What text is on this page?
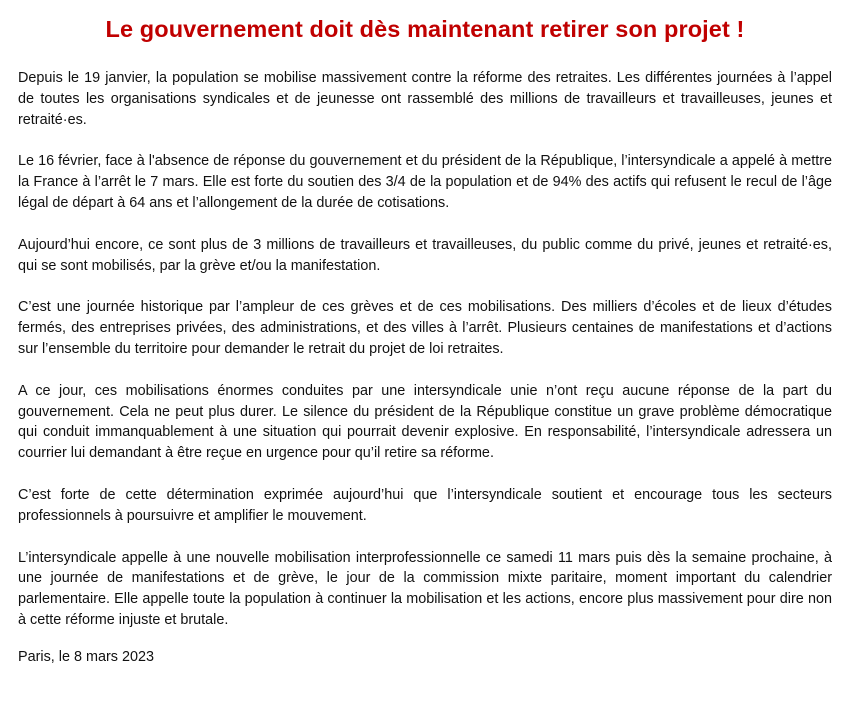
Le gouvernement doit dès maintenant retirer son projet !

Depuis le 19 janvier, la population se mobilise massivement contre la réforme des retraites. Les différentes journées à l’appel de toutes les organisations syndicales et de jeunesse ont rassemblé des millions de travailleurs et travailleuses, jeunes et retraité·es.

Le 16 février, face à l'absence de réponse du gouvernement et du président de la République, l’intersyndicale a appelé à mettre la France à l’arrêt le 7 mars. Elle est forte du soutien des 3/4 de la population et de 94% des actifs qui refusent le recul de l’âge légal de départ à 64 ans et l’allongement de la durée de cotisations.

Aujourd’hui encore, ce sont plus de 3 millions de travailleurs et travailleuses, du public comme du privé, jeunes et retraité·es, qui se sont mobilisés, par la grève et/ou la manifestation.

C’est une journée historique par l’ampleur de ces grèves et de ces mobilisations. Des milliers d’écoles et de lieux d’études fermés, des entreprises privées, des administrations, et des villes à l’arrêt. Plusieurs centaines de manifestations et d’actions sur l’ensemble du territoire pour demander le retrait du projet de loi retraites.

A ce jour, ces mobilisations énormes conduites par une intersyndicale unie n’ont reçu aucune réponse de la part du gouvernement. Cela ne peut plus durer. Le silence du président de la République constitue un grave problème démocratique qui conduit immanquablement à une situation qui pourrait devenir explosive. En responsabilité, l’intersyndicale adressera un courrier lui demandant à être reçue en urgence pour qu’il retire sa réforme.

C’est forte de cette détermination exprimée aujourd’hui que l’intersyndicale soutient et encourage tous les secteurs professionnels à poursuivre et amplifier le mouvement.

L’intersyndicale appelle à une nouvelle mobilisation interprofessionnelle ce samedi 11 mars puis dès la semaine prochaine, à une journée de manifestations et de grève, le jour de la commission mixte paritaire, moment important du calendrier parlementaire. Elle appelle toute la population à continuer la mobilisation et les actions, encore plus massivement pour dire non à cette réforme injuste et brutale.

Paris, le 8 mars 2023
